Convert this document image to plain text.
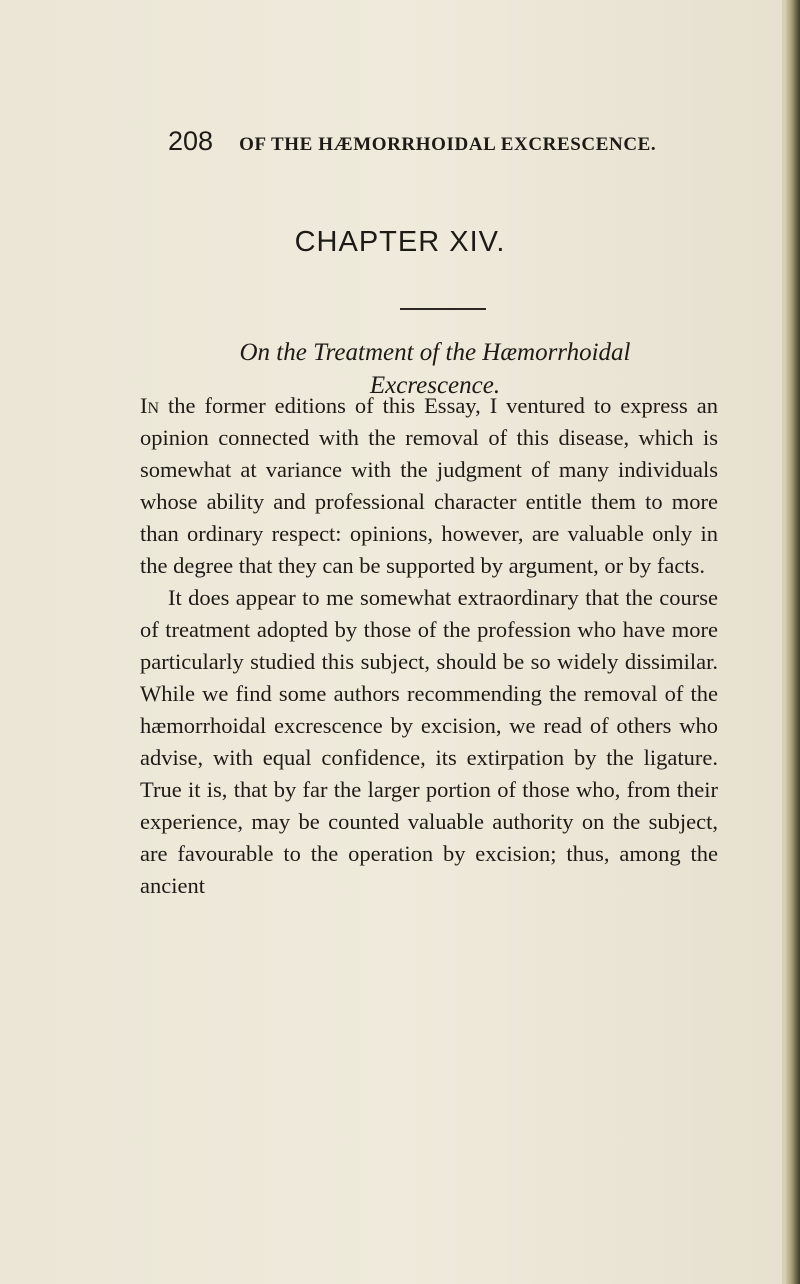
208 OF THE HÆMORRHOIDAL EXCRESCENCE.
CHAPTER XIV.
On the Treatment of the Hæmorrhoidal
Excrescence.

In the former editions of this Essay, I ventured to express an opinion connected with the removal of this disease, which is somewhat at variance with the judgment of many individuals whose ability and professional character entitle them to more than ordinary respect: opinions, however, are valuable only in the degree that they can be supported by argument, or by facts.

It does appear to me somewhat extraordinary that the course of treatment adopted by those of the profession who have more particularly studied this subject, should be so widely dissimilar. While we find some authors recommending the removal of the hæmorrhoidal excrescence by excision, we read of others who advise, with equal confidence, its extirpation by the ligature. True it is, that by far the larger portion of those who, from their experience, may be counted valuable authority on the subject, are favourable to the operation by excision; thus, among the ancient
